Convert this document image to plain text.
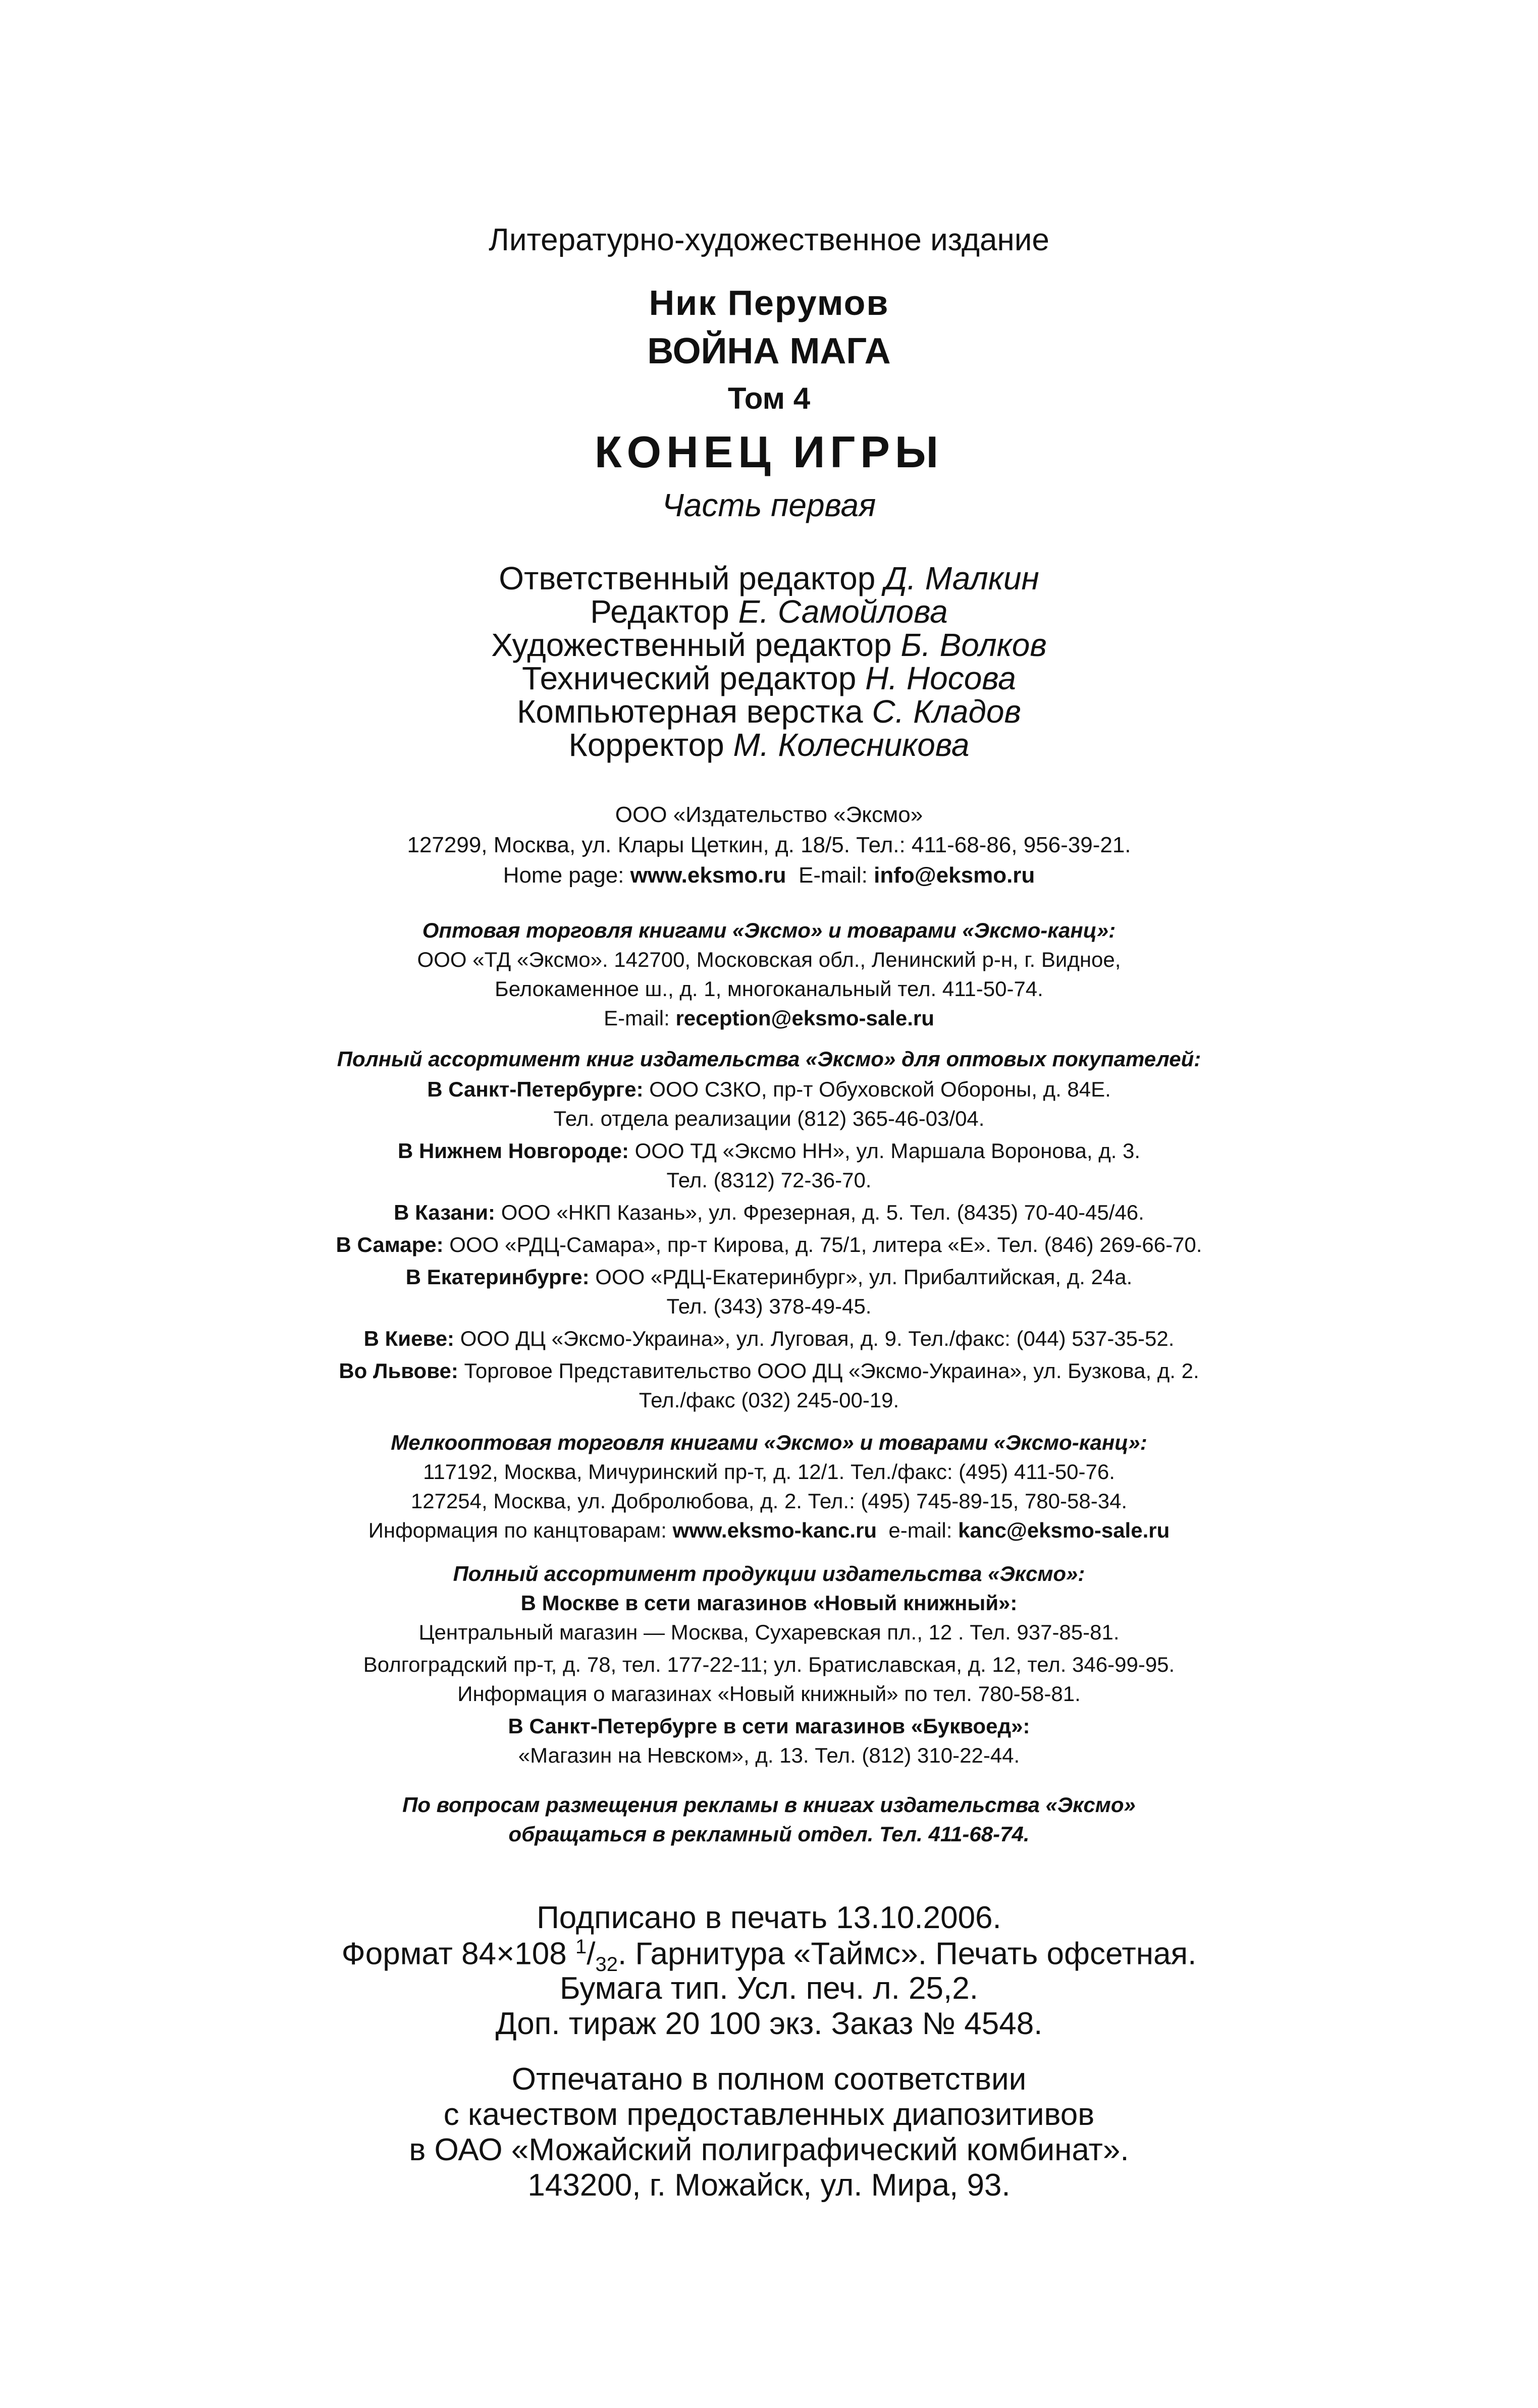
Литературно-художественное издание
Ник Перумов
ВОЙНА МАГА
Том 4
КОНЕЦ ИГРЫ
Часть первая
Ответственный редактор Д. Малкин
Редактор Е. Самойлова
Художественный редактор Б. Волков
Технический редактор Н. Носова
Компьютерная верстка С. Кладов
Корректор М. Колесникова
ООО «Издательство «Эксмо»
127299, Москва, ул. Клары Цеткин, д. 18/5. Тел.: 411-68-86, 956-39-21.
Home page: www.eksmo.ru E-mail: info@eksmo.ru
Оптовая торговля книгами «Эксмо» и товарами «Эксмо-канц»:
ООО «ТД «Эксмо». 142700, Московская обл., Ленинский р-н, г. Видное,
Белокаменное ш., д. 1, многоканальный тел. 411-50-74.
E-mail: reception@eksmo-sale.ru
Полный ассортимент книг издательства «Эксмо» для оптовых покупателей:
В Санкт-Петербурге: ООО СЗКО, пр-т Обуховской Обороны, д. 84Е.
Тел. отдела реализации (812) 365-46-03/04.
В Нижнем Новгороде: ООО ТД «Эксмо НН», ул. Маршала Воронова, д. 3.
Тел. (8312) 72-36-70.
В Казани: ООО «НКП Казань», ул. Фрезерная, д. 5. Тел. (8435) 70-40-45/46.
В Самаре: ООО «РДЦ-Самара», пр-т Кирова, д. 75/1, литера «Е». Тел. (846) 269-66-70.
В Екатеринбурге: ООО «РДЦ-Екатеринбург», ул. Прибалтийская, д. 24а.
Тел. (343) 378-49-45.
В Киеве: ООО ДЦ «Эксмо-Украина», ул. Луговая, д. 9. Тел./факс: (044) 537-35-52.
Во Львове: Торговое Представительство ООО ДЦ «Эксмо-Украина», ул. Бузкова, д. 2.
Тел./факс (032) 245-00-19.
Мелкооптовая торговля книгами «Эксмо» и товарами «Эксмо-канц»:
117192, Москва, Мичуринский пр-т, д. 12/1. Тел./факс: (495) 411-50-76.
127254, Москва, ул. Добролюбова, д. 2. Тел.: (495) 745-89-15, 780-58-34.
Информация по канцтоварам: www.eksmo-kanc.ru e-mail: kanc@eksmo-sale.ru
Полный ассортимент продукции издательства «Эксмо»:
В Москве в сети магазинов «Новый книжный»:
Центральный магазин — Москва, Сухаревская пл., 12 . Тел. 937-85-81.
Волгоградский пр-т, д. 78, тел. 177-22-11; ул. Братиславская, д. 12, тел. 346-99-95.
Информация о магазинах «Новый книжный» по тел. 780-58-81.
В Санкт-Петербурге в сети магазинов «Буквоед»:
«Магазин на Невском», д. 13. Тел. (812) 310-22-44.
По вопросам размещения рекламы в книгах издательства «Эксмо»
обращаться в рекламный отдел. Тел. 411-68-74.
Подписано в печать 13.10.2006.
Формат 84×108 $^1/_{32}$. Гарнитура «Таймс». Печать офсетная.
Бумага тип. Усл. печ. л. 25,2.
Доп. тираж 20 100 экз. Заказ № 4548.
Отпечатано в полном соответствии
с качеством предоставленных диапозитивов
в ОАО «Можайский полиграфический комбинат».
143200, г. Можайск, ул. Мира, 93.
